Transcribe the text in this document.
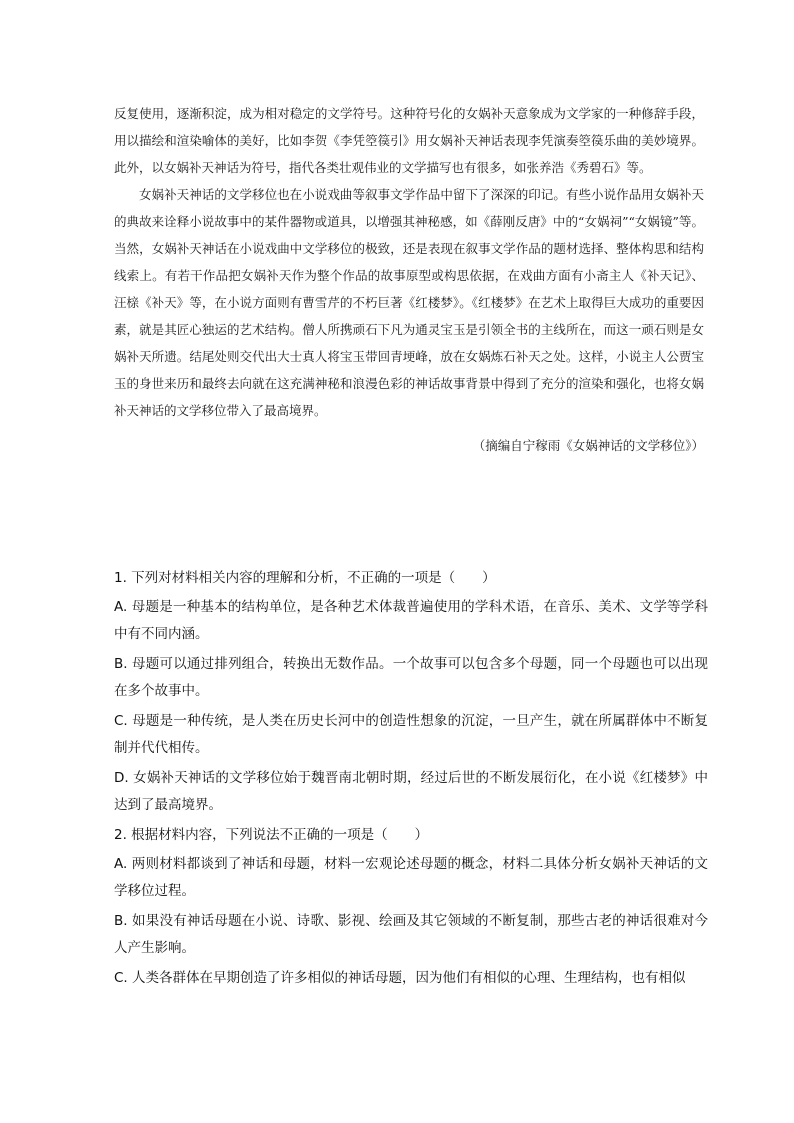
反复使用，逐渐积淀，成为相对稳定的文学符号。这种符号化的女娲补天意象成为文学家的一种修辞手段，用以描绘和渲染喻体的美好，比如李贺《李凭箜篌引》用女娲补天神话表现李凭演奏箜篌乐曲的美妙境界。此外，以女娲补天神话为符号，指代各类壮观伟业的文学描写也有很多，如张养浩《秀碧石》等。

女娲补天神话的文学移位也在小说戏曲等叙事文学作品中留下了深深的印记。有些小说作品用女娲补天的典故来诠释小说故事中的某件器物或道具，以增强其神秘感，如《薛刚反唐》中的“女娲祠”“女娲镜”等。当然，女娲补天神话在小说戏曲中文学移位的极致，还是表现在叙事文学作品的题材选择、整体构思和结构线索上。有若干作品把女娲补天作为整个作品的故事原型或构思依据，在戏曲方面有小斋主人《补天记》、汪榇《补天》等，在小说方面则有曹雪芹的不朽巨著《红楼梦》。《红楼梦》在艺术上取得巨大成功的重要因素，就是其匠心独运的艺术结构。僧人所携顽石下凡为通灵宝玉是引领全书的主线所在，而这一顽石则是女娲补天所遗。结尾处则交代出大士真人将宝玉带回青埂峰，放在女娲炼石补天之处。这样，小说主人公贾宝玉的身世来历和最终去向就在这充满神秘和浪漫色彩的神话故事背景中得到了充分的渲染和强化，也将女娲补天神话的文学移位带入了最高境界。

（摘编自宁稼雨《女娲神话的文学移位》）

1. 下列对材料相关内容的理解和分析，不正确的一项是（　　）

A. 母题是一种基本的结构单位，是各种艺术体裁普遍使用的学科术语，在音乐、美术、文学等学科中有不同内涵。

B. 母题可以通过排列组合，转换出无数作品。一个故事可以包含多个母题，同一个母题也可以出现在多个故事中。

C. 母题是一种传统，是人类在历史长河中的创造性想象的沉淀，一旦产生，就在所属群体中不断复制并代代相传。

D. 女娲补天神话的文学移位始于魏晋南北朝时期，经过后世的不断发展衍化，在小说《红楼梦》中达到了最高境界。

2. 根据材料内容，下列说法不正确的一项是（　　）

A. 两则材料都谈到了神话和母题，材料一宏观论述母题的概念，材料二具体分析女娲补天神话的文学移位过程。

B. 如果没有神话母题在小说、诗歌、影视、绘画及其它领域的不断复制，那些古老的神话很难对今人产生影响。

C. 人类各群体在早期创造了许多相似的神话母题，因为他们有相似的心理、生理结构，也有相似
